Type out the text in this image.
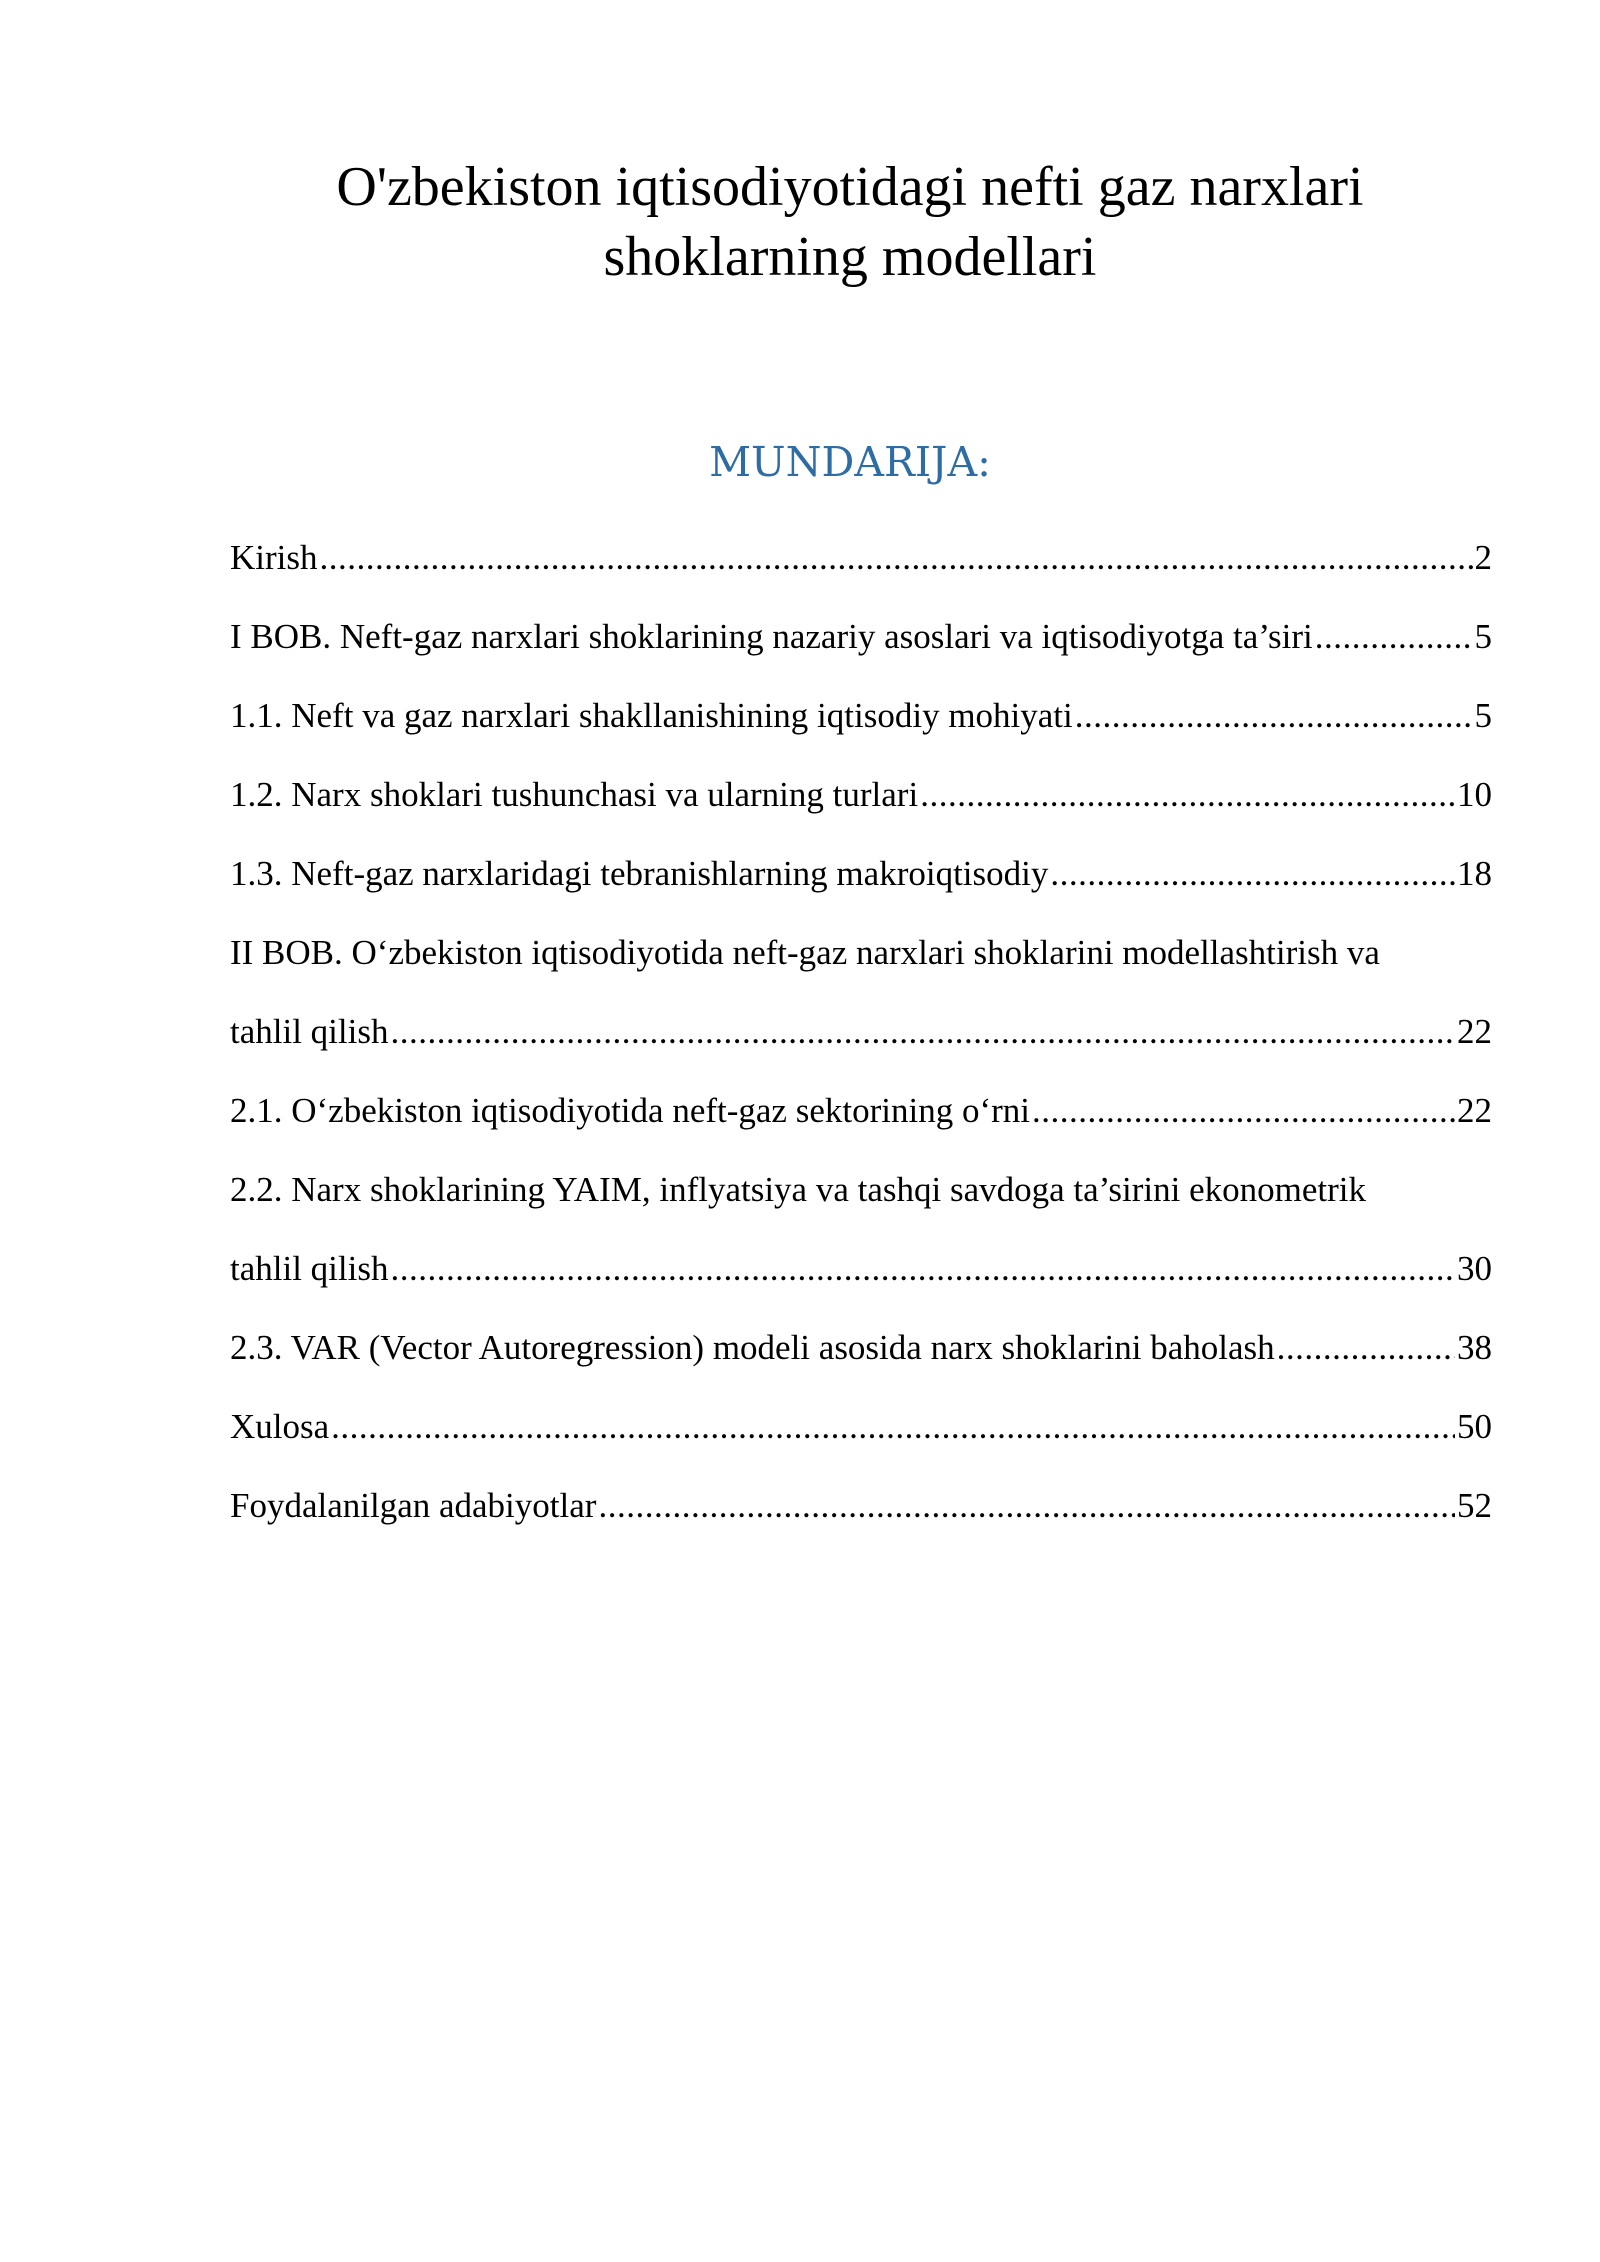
O'zbekiston iqtisodiyotidagi nefti gaz narxlari
shoklarning modellari
MUNDARIJA:
Kirish .....	2
I BOB. Neft-gaz narxlari shoklarining nazariy asoslari va iqtisodiyotga ta’siri .....	5
1.1. Neft va gaz narxlari shakllanishining iqtisodiy mohiyati .....	5
1.2. Narx shoklari tushunchasi va ularning turlari .....	10
1.3. Neft-gaz narxlaridagi tebranishlarning makroiqtisodiy .....	18
II BOB. O‘zbekiston iqtisodiyotida neft-gaz narxlari shoklarini modellashtirish va
tahlil qilish .....	22
2.1. O‘zbekiston iqtisodiyotida neft-gaz sektorining o‘rni .....	22
2.2. Narx shoklarining YAIM, inflyatsiya va tashqi savdoga ta’sirini ekonometrik
tahlil qilish .....	30
2.3. VAR (Vector Autoregression) modeli asosida narx shoklarini baholash .....	38
Xulosa .....	50
Foydalanilgan adabiyotlar .....	52
